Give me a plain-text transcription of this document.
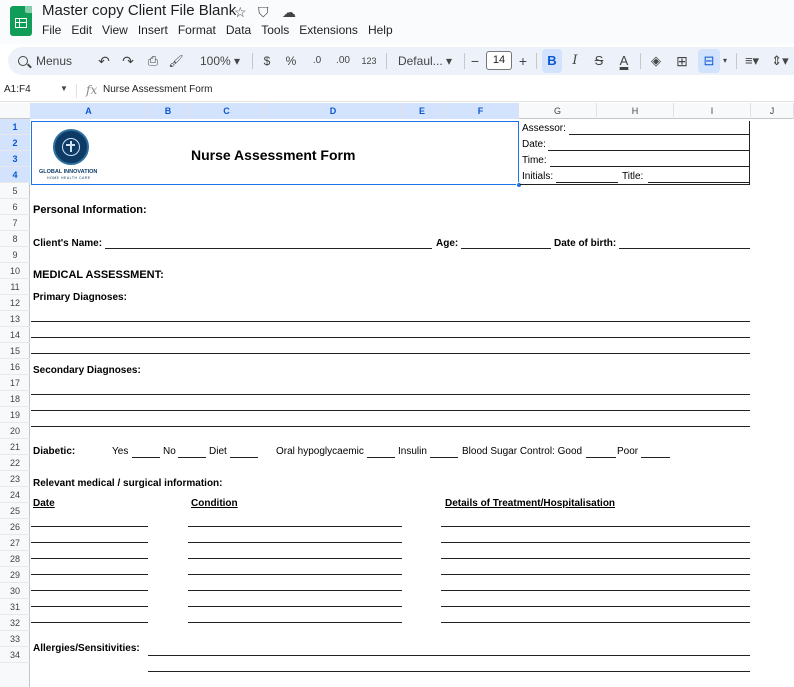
Master copy Client File Blank
☆ ⛉ ☁
File Edit View Insert Format Data Tools Extensions Help
Menus	↶ ↷ ⎙ 🖌	100% ▾	$	%	.0	.00	123	Defaul... ▾	−	14 +	B	I	S A ◈ ⊞	⊟	▾ ≡▾ ⇕▾
A1:F4	▼ fx Nurse Assessment Form
A	B	C	D	E	F	G	H	I	J
1
2
3
4
5
6
7
8
9
10
11
12
13
14
15
16
17
18
19
20
21
22
23
24
25
26
27
28
29
30
31
32
33
34
GLOBAL INNOVATION
HOME HEALTH CARE
Nurse Assessment Form
Assessor:
Date:
Time:
Initials:	Title:
Personal Information:
Client's Name:	Age:	Date of birth:
MEDICAL ASSESSMENT:
Primary Diagnoses:
Secondary Diagnoses:
Diabetic:	Yes	No	Diet	Oral hypoglycaemic	Insulin	Blood Sugar Control: Good	Poor
Relevant medical / surgical information:
Date	Condition	Details of Treatment/Hospitalisation
Allergies/Sensitivities:
